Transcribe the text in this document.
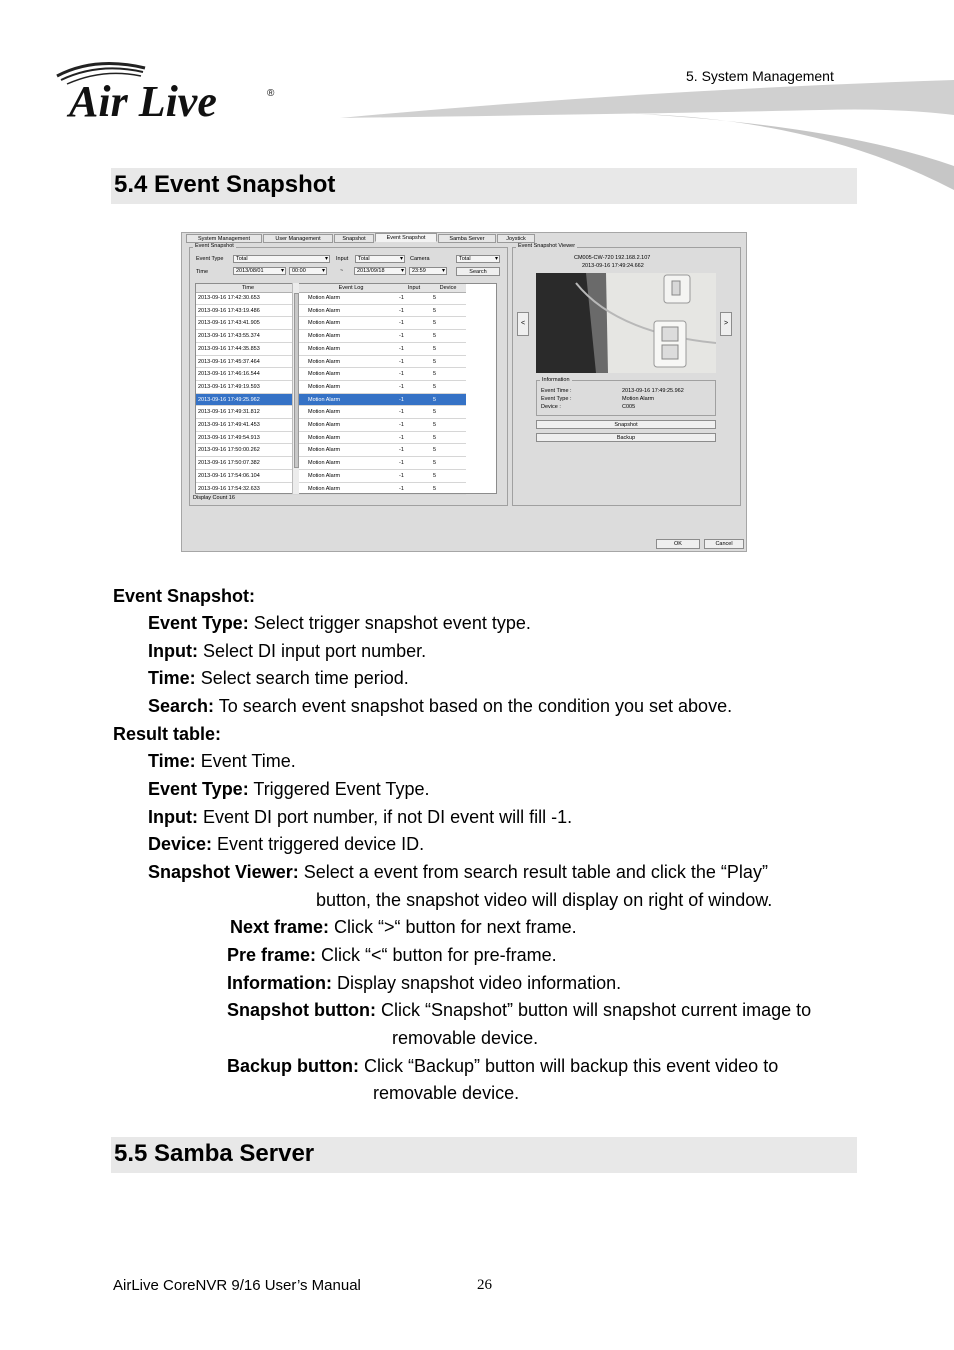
Air Live	®
5. System Management
5.4 Event Snapshot
System Management	User Management	Snapshot	Event Snapshot	Samba Server	Joystick
Event Snapshot
Event Type	Total ▾	Input	Total ▾	Camera	Total ▾
Time	2013/08/01 ▾	00:00 ▾	~	2013/09/18 ▾	23:59 ▾	Search
Time	Event Log	Input	Device
2013-09-16 17:42:30.653	Motion Alarm	-1	5
2013-09-16 17:43:19.486	Motion Alarm	-1	5
2013-09-16 17:43:41.905	Motion Alarm	-1	5
2013-09-16 17:43:55.374	Motion Alarm	-1	5
2013-09-16 17:44:35.853	Motion Alarm	-1	5
2013-09-16 17:45:37.464	Motion Alarm	-1	5
2013-09-16 17:46:16.544	Motion Alarm	-1	5
2013-09-16 17:49:19.593	Motion Alarm	-1	5
2013-09-16 17:49:25.962	Motion Alarm	-1	5
2013-09-16 17:49:31.812	Motion Alarm	-1	5
2013-09-16 17:49:41.453	Motion Alarm	-1	5
2013-09-16 17:49:54.913	Motion Alarm	-1	5
2013-09-16 17:50:00.262	Motion Alarm	-1	5
2013-09-16 17:50:07.382	Motion Alarm	-1	5
2013-09-16 17:54:06.104	Motion Alarm	-1	5
2013-09-16 17:54:32.633	Motion Alarm	-1	5
Display Count 16
Event Snapshot Viewer
CM005-CW-720 192.168.2.107
2013-09-16 17:49:24.662
<	>
Information
Event Time :	2013-09-16 17:49:25.962
Event Type :	Motion Alarm
Device :	C005
Snapshot
Backup
OK	Cancel
Event Snapshot:
Event Type: Select trigger snapshot event type.
Input: Select DI input port number.
Time: Select search time period.
Search: To search event snapshot based on the condition you set above.
Result table:
Time: Event Time.
Event Type: Triggered Event Type.
Input: Event DI port number, if not DI event will fill -1.
Device: Event triggered device ID.
Snapshot Viewer: Select a event from search result table and click the “Play”
button, the snapshot video will display on right of window.
Next frame: Click “>“ button for next frame.
Pre frame: Click “<“ button for pre-frame.
Information: Display snapshot video information.
Snapshot button: Click “Snapshot” button will snapshot current image to
removable device.
Backup button: Click “Backup” button will backup this event video to
removable device.
5.5 Samba Server
AirLive CoreNVR 9/16 User’s Manual	26
